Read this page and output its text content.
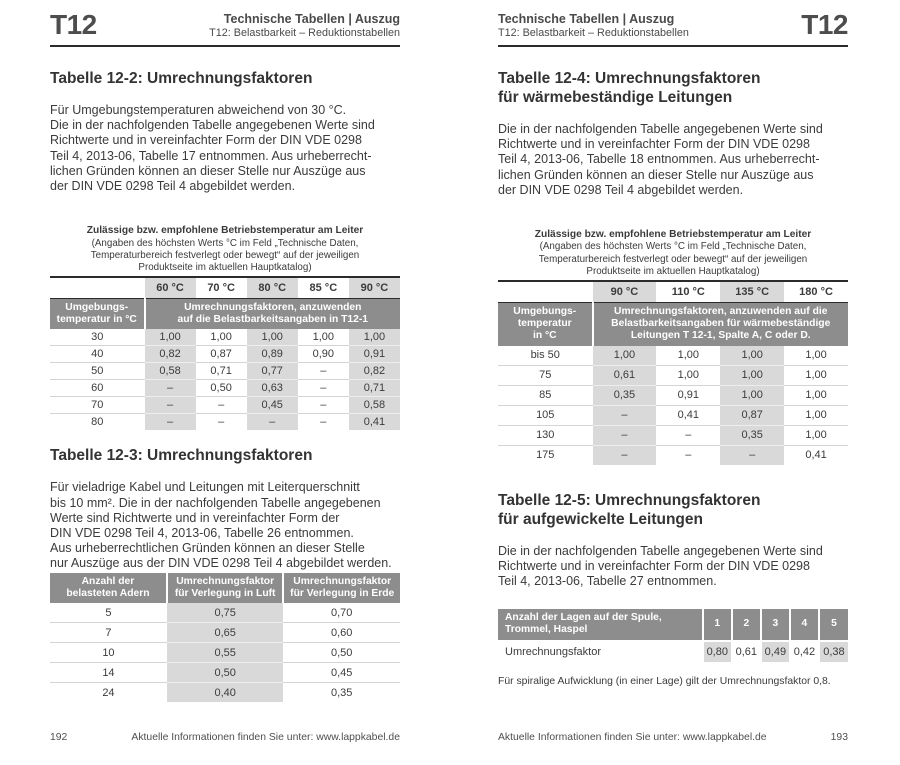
T12	Technische Tabellen | Auszug
T12: Belastbarkeit – Reduktionstabellen
Tabelle 12-2: Umrechnungsfaktoren

Für Umgebungstemperaturen abweichend von 30 °C.
Die in der nachfolgenden Tabelle angegebenen Werte sind
Richtwerte und in vereinfachter Form der DIN VDE 0298
Teil 4, 2013-06, Tabelle 17 entnommen. Aus urheberrecht-
lichen Gründen können an dieser Stelle nur Auszüge aus
der DIN VDE 0298 Teil 4 abgebildet werden.

Zulässige bzw. empfohlene Betriebstemperatur am Leiter
(Angaben des höchsten Werts °C im Feld „Technische Daten,
Temperaturbereich festverlegt oder bewegt“ auf der jeweiligen
Produktseite im aktuellen Hauptkatalog)
	60 °C	70 °C	80 °C	85 °C	90 °C
Umgebungs-
temperatur in °C	Umrechnungsfaktoren, anzuwenden
auf die Belastbarkeitsangaben in T12-1				
30	1,00	1,00	1,00	1,00	1,00
40	0,82	0,87	0,89	0,90	0,91
50	0,58	0,71	0,77	–	0,82
60	–	0,50	0,63	–	0,71
70	–	–	0,45	–	0,58
80	–	–	–	–	0,41
Tabelle 12-3: Umrechnungsfaktoren

Für vieladrige Kabel und Leitungen mit Leiterquerschnitt
bis 10 mm². Die in der nachfolgenden Tabelle angegebenen
Werte sind Richtwerte und in vereinfachter Form der
DIN VDE 0298 Teil 4, 2013-06, Tabelle 26 entnommen.
Aus urheberrechtlichen Gründen können an dieser Stelle
nur Auszüge aus der DIN VDE 0298 Teil 4 abgebildet werden.

Anzahl der
belasteten Adern	Umrechnungsfaktor
für Verlegung in Luft	Umrechnungsfaktor
für Verlegung in Erde
5	0,75	0,70
7	0,65	0,60
10	0,55	0,50
14	0,50	0,45
24	0,40	0,35
192	Aktuelle Informationen finden Sie unter: www.lappkabel.de
Technische Tabellen | Auszug
T12: Belastbarkeit – Reduktionstabellen	T12
Tabelle 12-4: Umrechnungsfaktoren
für wärmebeständige Leitungen

Die in der nachfolgenden Tabelle angegebenen Werte sind
Richtwerte und in vereinfachter Form der DIN VDE 0298
Teil 4, 2013-06, Tabelle 18 entnommen. Aus urheberrecht-
lichen Gründen können an dieser Stelle nur Auszüge aus
der DIN VDE 0298 Teil 4 abgebildet werden.

Zulässige bzw. empfohlene Betriebstemperatur am Leiter
(Angaben des höchsten Werts °C im Feld „Technische Daten,
Temperaturbereich festverlegt oder bewegt“ auf der jeweiligen
Produktseite im aktuellen Hauptkatalog)
	90 °C	110 °C	135 °C	180 °C
Umgebungs-
temperatur
in °C	Umrechnungsfaktoren, anzuwenden auf die
Belastbarkeitsangaben für wärmebeständige
Leitungen T 12-1, Spalte A, C oder D.			
bis 50	1,00	1,00	1,00	1,00
75	0,61	1,00	1,00	1,00
85	0,35	0,91	1,00	1,00
105	–	0,41	0,87	1,00
130	–	–	0,35	1,00
175	–	–	–	0,41
Tabelle 12-5: Umrechnungsfaktoren
für aufgewickelte Leitungen

Die in der nachfolgenden Tabelle angegebenen Werte sind
Richtwerte und in vereinfachter Form der DIN VDE 0298
Teil 4, 2013-06, Tabelle 27 entnommen.

Anzahl der Lagen auf der Spule,
Trommel, Haspel	1	2	3	4	5
Umrechnungsfaktor	0,80	0,61	0,49	0,42	0,38

Für spiralige Aufwicklung (in einer Lage) gilt der Umrechnungsfaktor 0,8.

Aktuelle Informationen finden Sie unter: www.lappkabel.de	193
